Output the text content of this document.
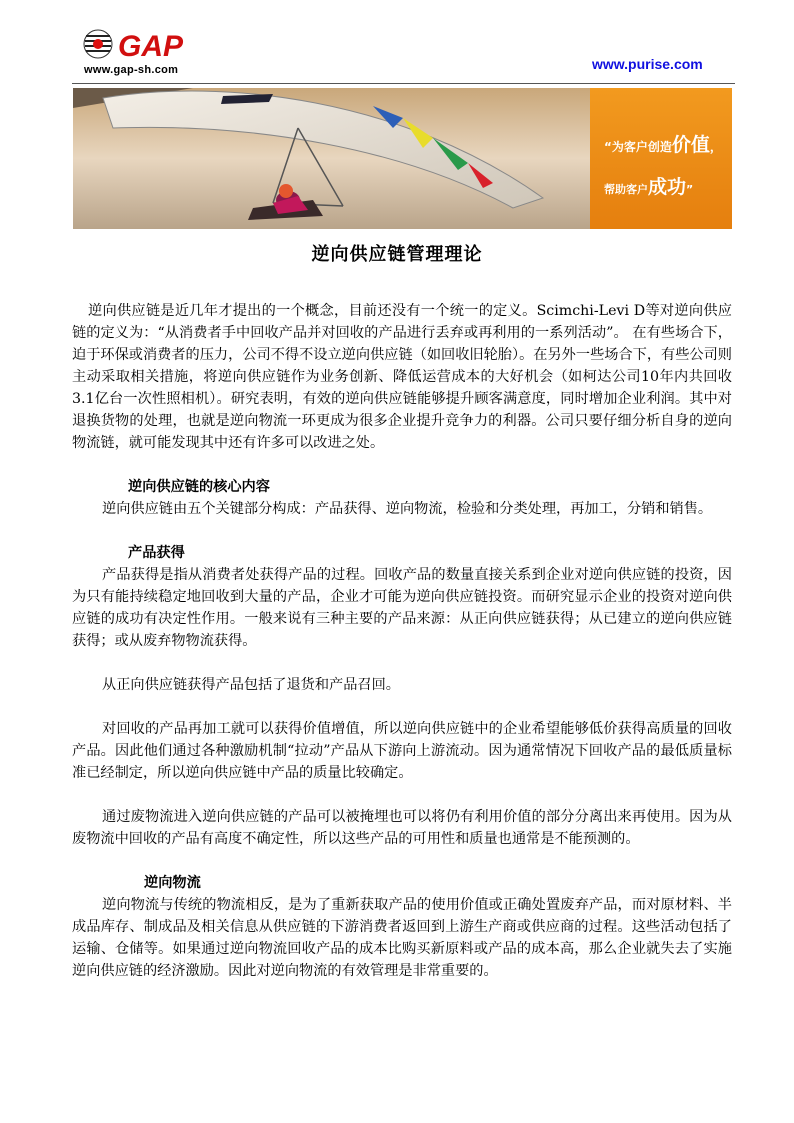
GAP
www.gap-sh.com	www.purise.com
“为客户创造价值，
帮助客户成功”
逆向供应链管理理论

逆向供应链是近几年才提出的一个概念，目前还没有一个统一的定义。Scimchi-Levi D等对逆向供应链的定义为：“从消费者手中回收产品并对回收的产品进行丢弃或再利用的一系列活动”。 在有些场合下，迫于环保或消费者的压力，公司不得不设立逆向供应链（如回收旧轮胎）。在另外一些场合下，有些公司则主动采取相关措施，将逆向供应链作为业务创新、降低运营成本的大好机会（如柯达公司10年内共回收3.1亿台一次性照相机）。研究表明，有效的逆向供应链能够提升顾客满意度，同时增加企业利润。其中对退换货物的处理，也就是逆向物流一环更成为很多企业提升竞争力的利器。公司只要仔细分析自身的逆向物流链，就可能发现其中还有许多可以改进之处。

逆向供应链的核心内容

逆向供应链由五个关键部分构成：产品获得、逆向物流，检验和分类处理，再加工，分销和销售。

产品获得

产品获得是指从消费者处获得产品的过程。回收产品的数量直接关系到企业对逆向供应链的投资，因为只有能持续稳定地回收到大量的产品，企业才可能为逆向供应链投资。而研究显示企业的投资对逆向供应链的成功有决定性作用。一般来说有三种主要的产品来源：从正向供应链获得；从已建立的逆向供应链获得；或从废弃物物流获得。

从正向供应链获得产品包括了退货和产品召回。

对回收的产品再加工就可以获得价值增值，所以逆向供应链中的企业希望能够低价获得高质量的回收产品。因此他们通过各种激励机制“拉动”产品从下游向上游流动。因为通常情况下回收产品的最低质量标准已经制定，所以逆向供应链中产品的质量比较确定。

通过废物流进入逆向供应链的产品可以被掩埋也可以将仍有利用价值的部分分离出来再使用。因为从废物流中回收的产品有高度不确定性，所以这些产品的可用性和质量也通常是不能预测的。

逆向物流

逆向物流与传统的物流相反，是为了重新获取产品的使用价值或正确处置废弃产品，而对原材料、半成品库存、制成品及相关信息从供应链的下游消费者返回到上游生产商或供应商的过程。这些活动包括了运输、仓储等。如果通过逆向物流回收产品的成本比购买新原料或产品的成本高，那么企业就失去了实施逆向供应链的经济激励。因此对逆向物流的有效管理是非常重要的。
